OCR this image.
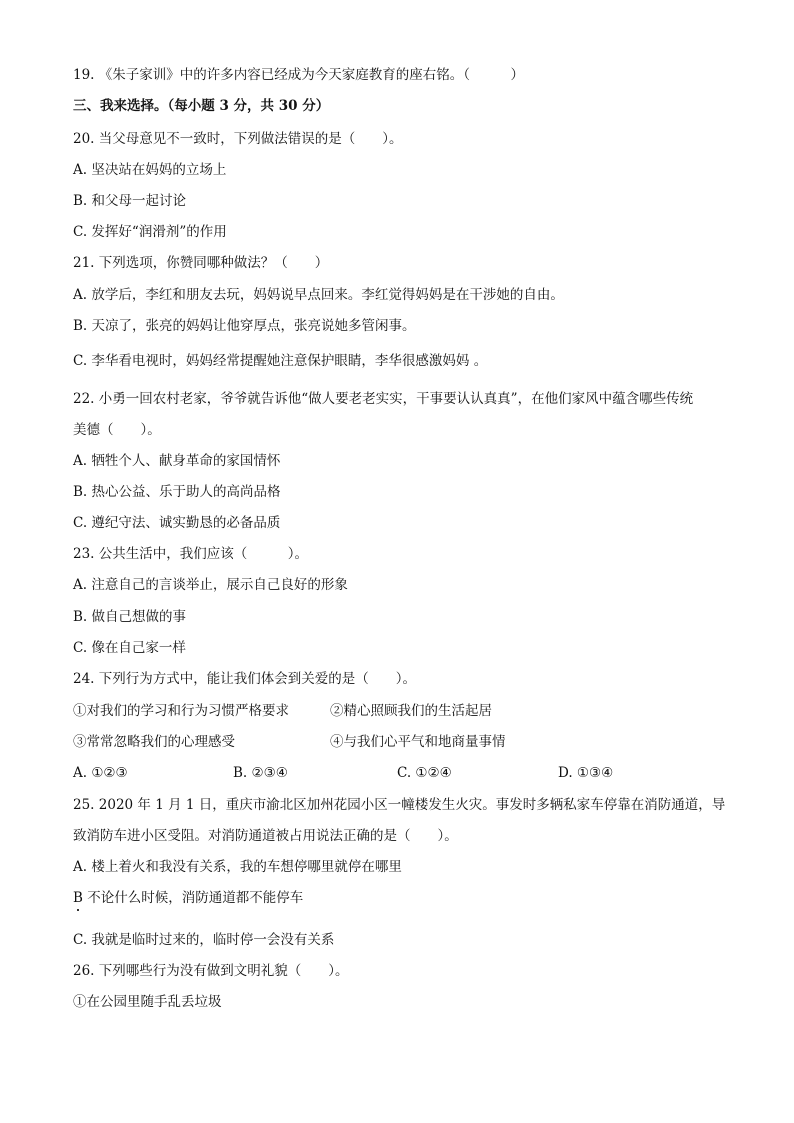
19. 《朱子家训》中的许多内容已经成为今天家庭教育的座右铭。（　　　）
三、我来选择。（每小题 3 分，共 30 分）
20. 当父母意见不一致时，下列做法错误的是（　　）。
A. 坚决站在妈妈的立场上
B. 和父母一起讨论
C. 发挥好“润滑剂”的作用
21. 下列选项，你赞同哪种做法？（　　）
A. 放学后，李红和朋友去玩，妈妈说早点回来。李红觉得妈妈是在干涉她的自由。
B. 天凉了，张亮的妈妈让他穿厚点，张亮说她多管闲事。
C. 李华看电视时，妈妈经常提醒她注意保护眼睛，李华很感激妈妈 。
22. 小勇一回农村老家，爷爷就告诉他“做人要老老实实，干事要认认真真”，在他们家风中蕴含哪些传统
美德（　　）。
A. 牺牲个人、献身革命的家国情怀
B. 热心公益、乐于助人的高尚品格
C. 遵纪守法、诚实勤恳的必备品质
23. 公共生活中，我们应该（　　　）。
A. 注意自己的言谈举止，展示自己良好的形象
B. 做自己想做的事
C. 像在自己家一样
24. 下列行为方式中，能让我们体会到关爱的是（　　）。
①对我们的学习和行为习惯严格要求	②精心照顾我们的生活起居
③常常忽略我们的心理感受	④与我们心平气和地商量事情
A. ①②③	B. ②③④	C. ①②④	D. ①③④
25. 2020 年 1 月 1 日，重庆市渝北区加州花园小区一幢楼发生火灾。事发时多辆私家车停靠在消防通道，导
致消防车进小区受阻。对消防通道被占用说法正确的是（　　）。
A. 楼上着火和我没有关系，我的车想停哪里就停在哪里
B 不论什么时候，消防通道都不能停车
C. 我就是临时过来的，临时停一会没有关系
26. 下列哪些行为没有做到文明礼貌（　　）。
①在公园里随手乱丢垃圾
